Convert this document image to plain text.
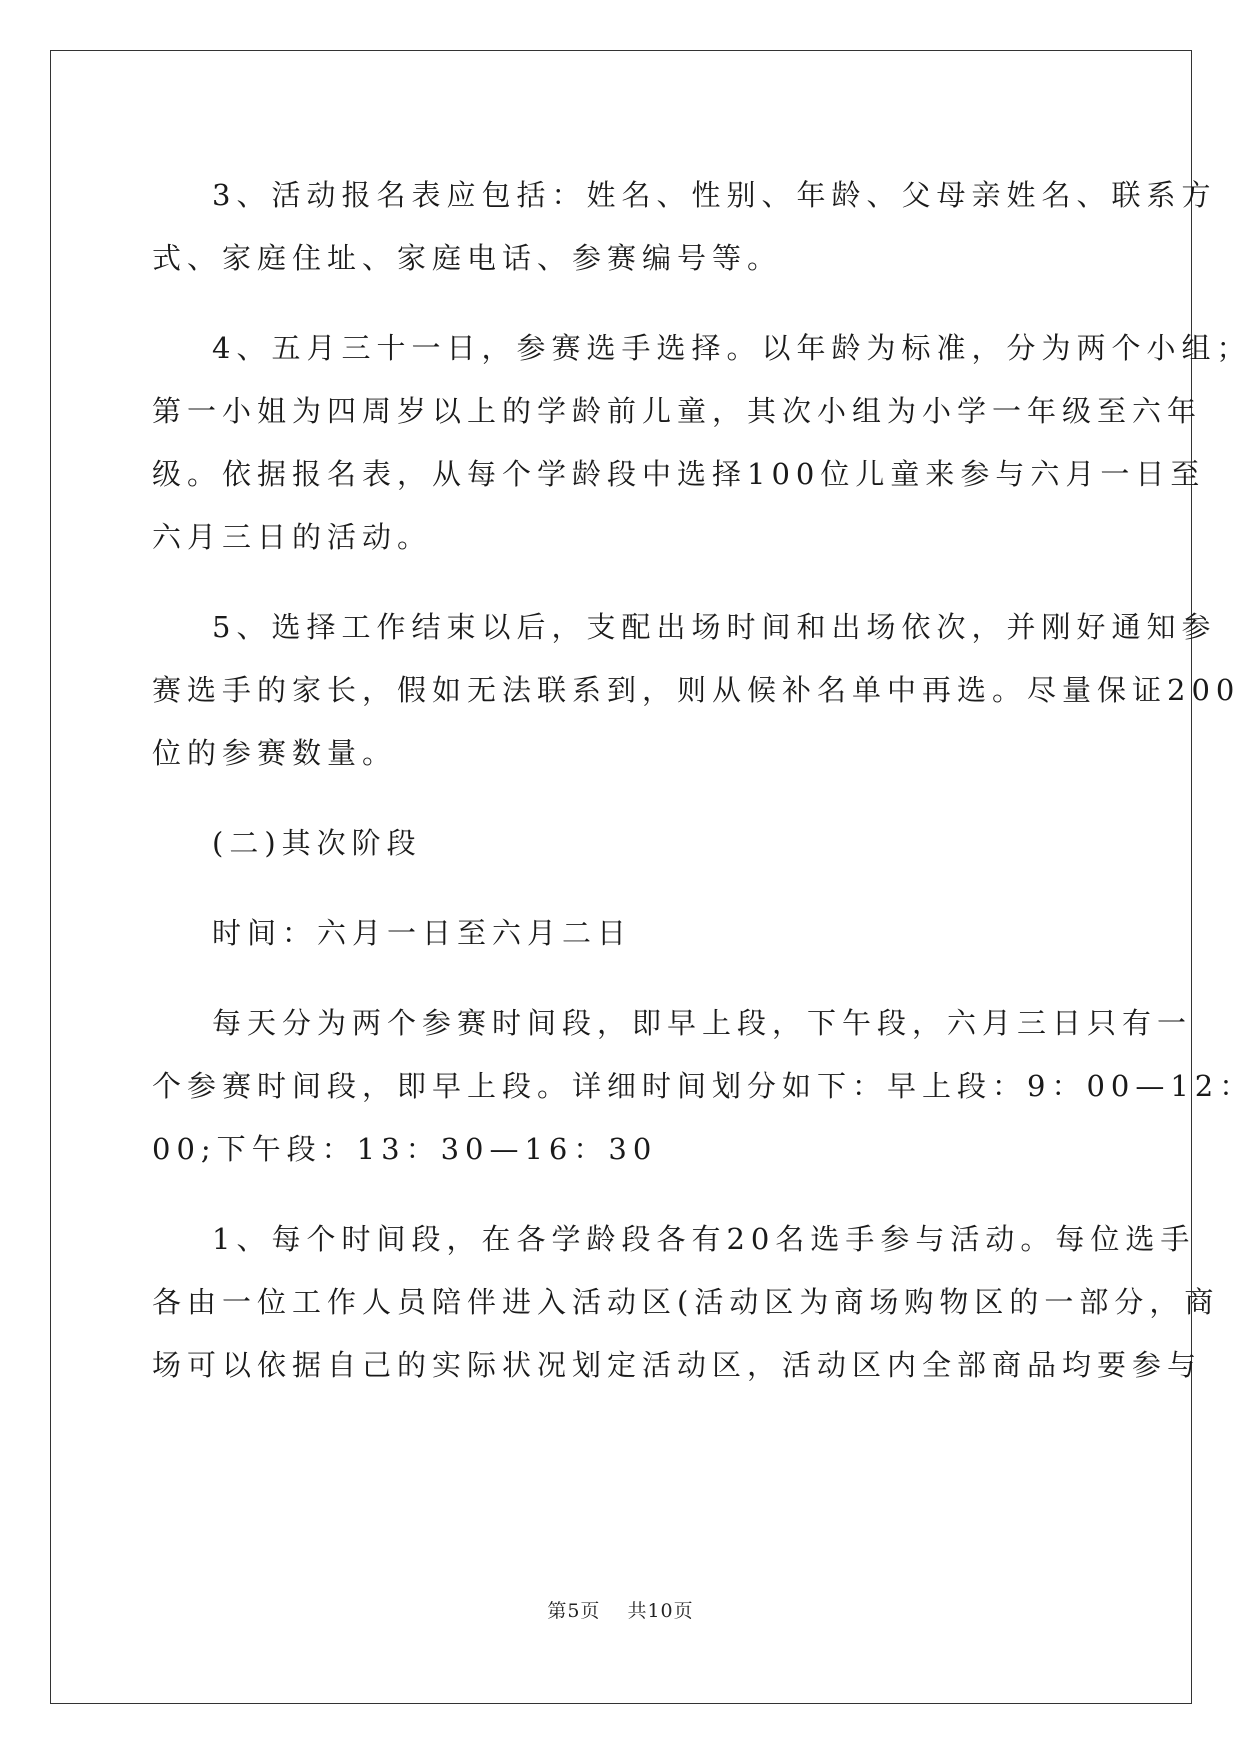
3、活动报名表应包括：姓名、性别、年龄、父母亲姓名、联系方
式、家庭住址、家庭电话、参赛编号等。
4、五月三十一日，参赛选手选择。以年龄为标准，分为两个小组；
第一小姐为四周岁以上的学龄前儿童，其次小组为小学一年级至六年
级。依据报名表，从每个学龄段中选择100位儿童来参与六月一日至
六月三日的活动。
5、选择工作结束以后，支配出场时间和出场依次，并刚好通知参
赛选手的家长，假如无法联系到，则从候补名单中再选。尽量保证200
位的参赛数量。
(二)其次阶段
时间：六月一日至六月二日
每天分为两个参赛时间段，即早上段，下午段，六月三日只有一
个参赛时间段，即早上段。详细时间划分如下：早上段：9：00—12：
00;下午段：13：30—16：30
1、每个时间段，在各学龄段各有20名选手参与活动。每位选手
各由一位工作人员陪伴进入活动区(活动区为商场购物区的一部分，商
场可以依据自己的实际状况划定活动区，活动区内全部商品均要参与
第5页 共10页
